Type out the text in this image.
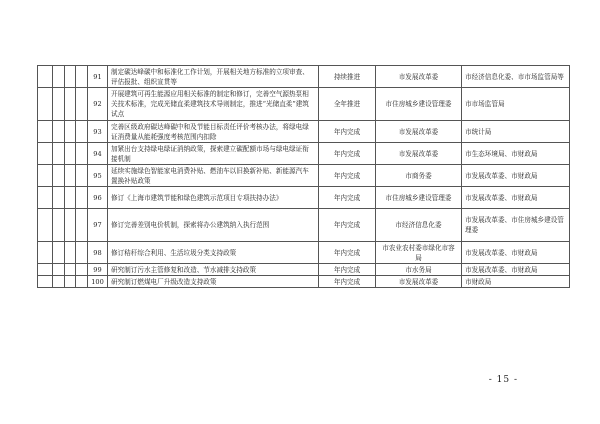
				91	制定碳达峰碳中和标准化工作计划，开展相关地方标准的立项审查、评估报批、组织宣贯等	持续推进	市发展改革委	市经济信息化委、市市场监管局等
				92	开展建筑可再生能源应用相关标准的制定和修订，完善空气源热泵相关技术标准，完成光储直柔建筑技术导则制定，推进“光储直柔”建筑试点	全年推进	市住房城乡建设管理委	市市场监管局
				93	完善区级政府碳达峰碳中和及节能目标责任评价考核办法，将绿电绿证消费量从能耗强度考核范围内扣除	年内完成	市发展改革委	市统计局
				94	加紧出台支持绿电绿证消纳政策，探索建立碳配额市场与绿电绿证衔接机制	年内完成	市发展改革委	市生态环境局、市财政局
				95	延续实施绿色智能家电消费补贴、燃油车以旧换新补贴、新能源汽车置换补贴政策	年内完成	市商务委	市发展改革委、市财政局
				96	修订《上海市建筑节能和绿色建筑示范项目专项扶持办法》	年内完成	市住房城乡建设管理委	市发展改革委、市财政局
				97	修订完善差别电价机制，探索将办公建筑纳入执行范围	年内完成	市经济信息化委	市发展改革委、市住房城乡建设管理委
				98	修订秸秆综合利用、生活垃圾分类支持政策	年内完成	市农业农村委市绿化市容局	市发展改革委、市财政局
				99	研究制订污水主管修复和改造、节水减排支持政策	年内完成	市水务局	市发展改革委、市财政局
				100	研究制订燃煤电厂升级改造支持政策	年内完成	市发展改革委	市财政局
- 15 -
